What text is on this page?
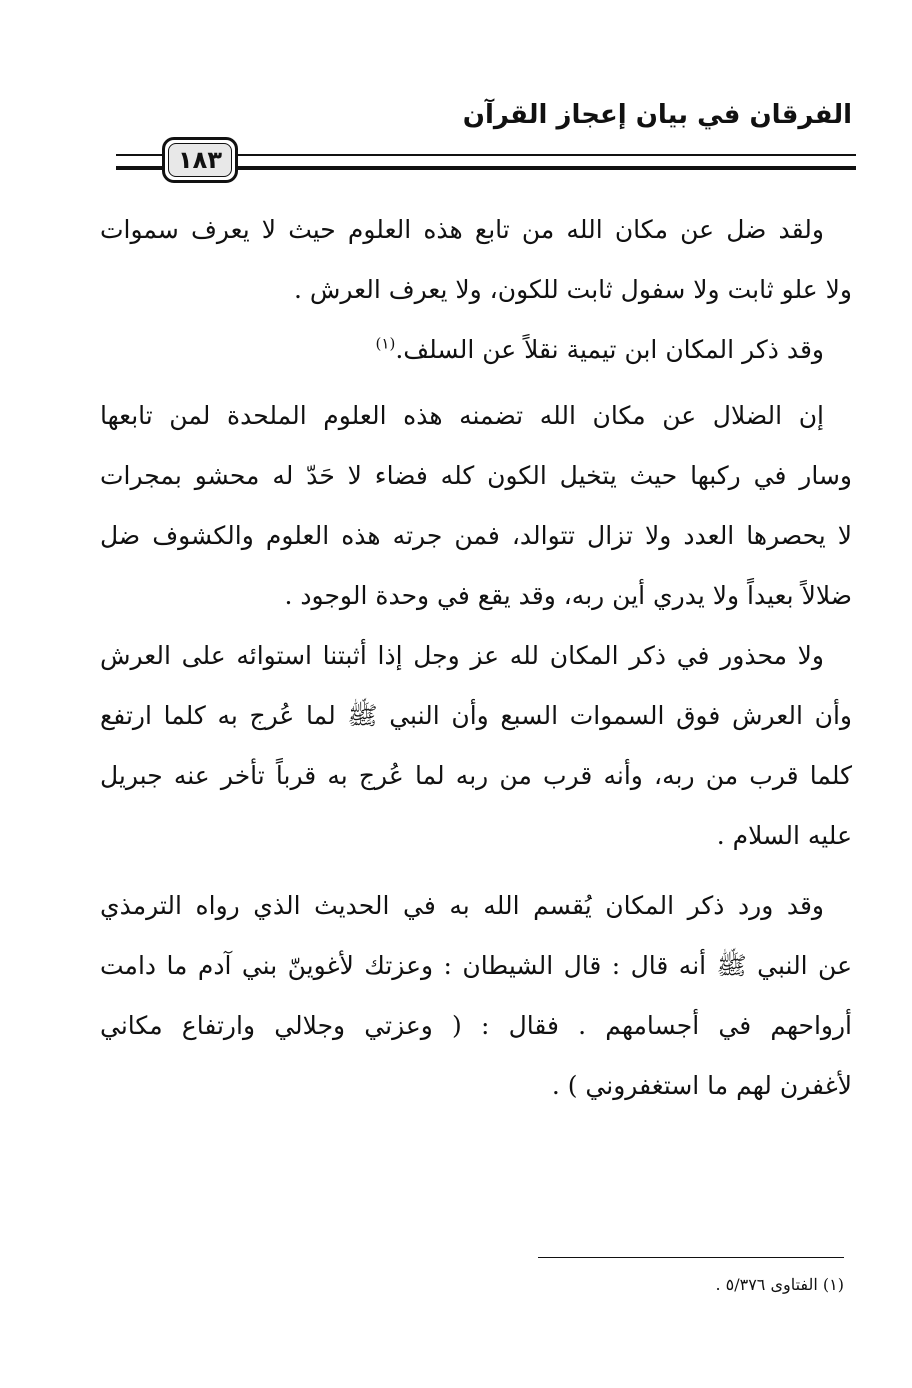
الفرقان في بيان إعجاز القرآن
١٨٣
ولقد ضل عن مكان الله من تابع هذه العلوم حيث لا يعرف سموات
ولا علو ثابت ولا سفول ثابت للكون، ولا يعرف العرش .
وقد ذكر المكان ابن تيمية نقلاً عن السلف.$^{(١)}$
إن الضلال عن مكان الله تضمنه هذه العلوم الملحدة لمن تابعها
وسار في ركبها حيث يتخيل الكون كله فضاء لا حَدّ له محشو بمجرات
لا يحصرها العدد ولا تزال تتوالد، فمن جرته هذه العلوم والكشوف ضل
ضلالاً بعيداً ولا يدري أين ربه، وقد يقع في وحدة الوجود .
ولا محذور في ذكر المكان لله عز وجل إذا أثبتنا استوائه على العرش
وأن العرش فوق السموات السبع وأن النبي ﷺ لما عُرج به كلما ارتفع
كلما قرب من ربه، وأنه قرب من ربه لما عُرج به قرباً تأخر عنه جبريل
عليه السلام .
وقد ورد ذكر المكان يُقسم الله به في الحديث الذي رواه الترمذي
عن النبي ﷺ أنه قال : قال الشيطان : وعزتك لأغوينّ بني آدم ما دامت
أرواحهم في أجسامهم . فقال : ( وعزتي وجلالي وارتفاع مكاني
لأغفرن لهم ما استغفروني ) .
(١) الفتاوى ٥/٣٧٦ .
